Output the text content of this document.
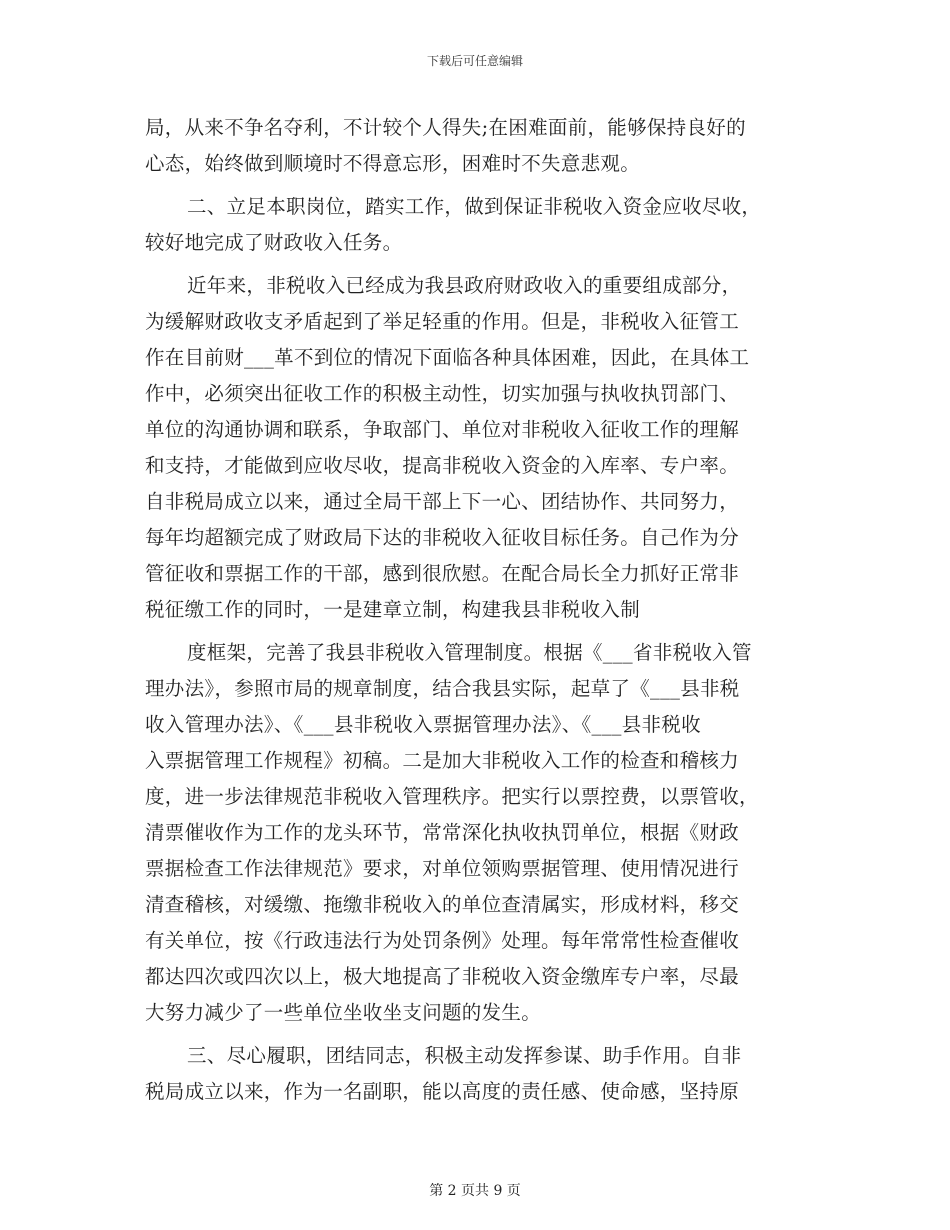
下载后可任意编辑
局，从来不争名夺利，不计较个人得失;在困难面前，能够保持良好的
心态，始终做到顺境时不得意忘形，困难时不失意悲观。
二、立足本职岗位，踏实工作，做到保证非税收入资金应收尽收，
较好地完成了财政收入任务。
近年来，非税收入已经成为我县政府财政收入的重要组成部分，
为缓解财政收支矛盾起到了举足轻重的作用。但是，非税收入征管工
作在目前财___革不到位的情况下面临各种具体困难，因此，在具体工
作中，必须突出征收工作的积极主动性，切实加强与执收执罚部门、
单位的沟通协调和联系，争取部门、单位对非税收入征收工作的理解
和支持，才能做到应收尽收，提高非税收入资金的入库率、专户率。
自非税局成立以来，通过全局干部上下一心、团结协作、共同努力，
每年均超额完成了财政局下达的非税收入征收目标任务。自己作为分
管征收和票据工作的干部，感到很欣慰。在配合局长全力抓好正常非
税征缴工作的同时，一是建章立制，构建我县非税收入制
度框架，完善了我县非税收入管理制度。根据《___省非税收入管
理办法》，参照市局的规章制度，结合我县实际，起草了《___县非税
收入管理办法》、《___县非税收入票据管理办法》、《___县非税收
入票据管理工作规程》初稿。二是加大非税收入工作的检查和稽核力
度，进一步法律规范非税收入管理秩序。把实行以票控费，以票管收，
清票催收作为工作的龙头环节，常常深化执收执罚单位，根据《财政
票据检查工作法律规范》要求，对单位领购票据管理、使用情况进行
清查稽核，对缓缴、拖缴非税收入的单位查清属实，形成材料，移交
有关单位，按《行政违法行为处罚条例》处理。每年常常性检查催收
都达四次或四次以上，极大地提高了非税收入资金缴库专户率，尽最
大努力减少了一些单位坐收坐支问题的发生。
三、尽心履职，团结同志，积极主动发挥参谋、助手作用。自非
税局成立以来，作为一名副职，能以高度的责任感、使命感，坚持原
第 2 页共 9 页
